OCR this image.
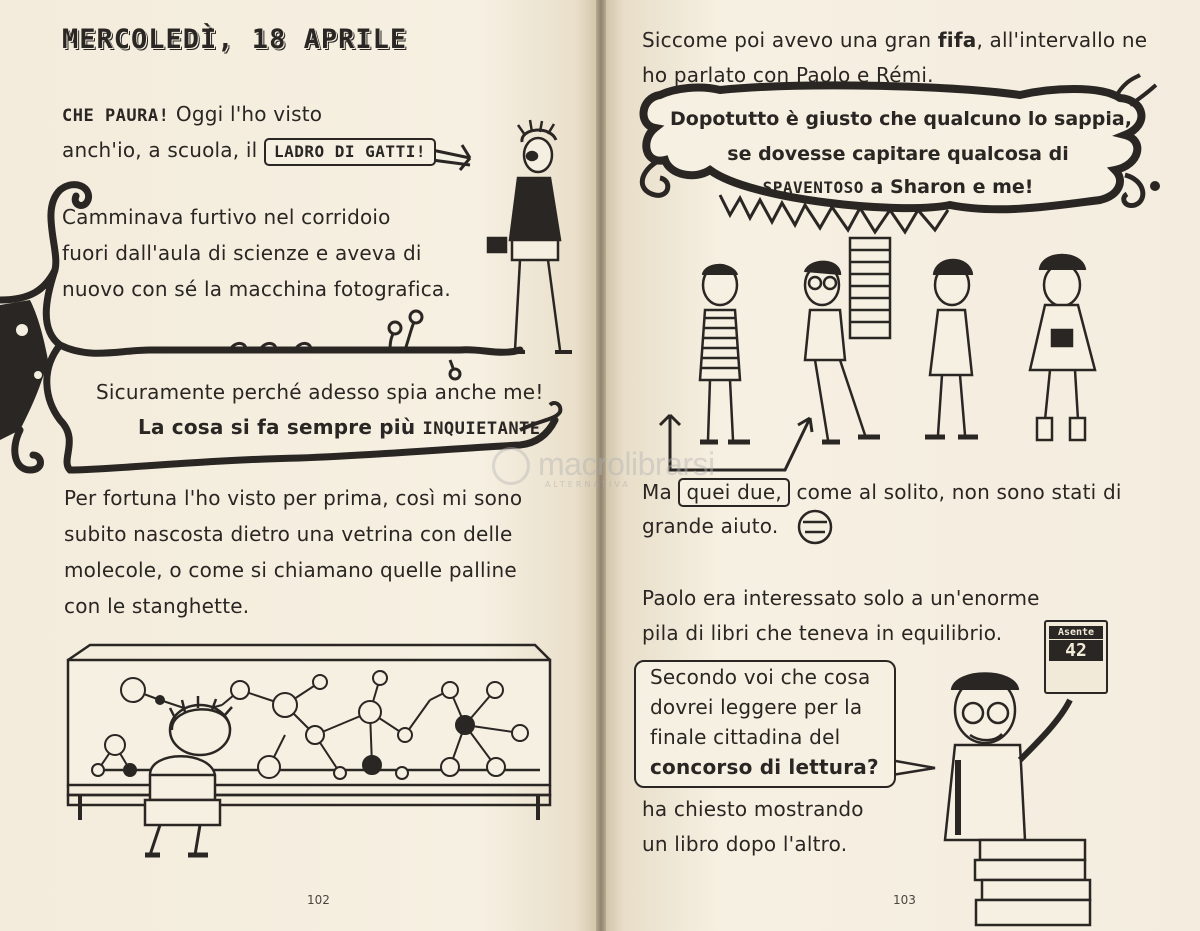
MERCOLEDÌ, 18 APRILE
CHE PAURA! Oggi l'ho visto
anch'io, a scuola, il LADRO DI GATTI!
Camminava furtivo nel corridoio
fuori dall'aula di scienze e aveva di
nuovo con sé la macchina fotografica.
Sicuramente perché adesso spia anche me!
La cosa si fa sempre più INQUIETANTE.
Per fortuna l'ho visto per prima, così mi sono
subito nascosta dietro una vetrina con delle
molecole, o come si chiamano quelle palline
con le stanghette.
102
Siccome poi avevo una gran fifa, all'intervallo ne
ho parlato con Paolo e Rémi.
Dopotutto è giusto che qualcuno lo sappia,
se dovesse capitare qualcosa di
SPAVENTOSO a Sharon e me!
Ma quei due, come al solito, non sono stati di
grande aiuto.
Paolo era interessato solo a un'enorme
pila di libri che teneva in equilibrio.	Asente
42
Secondo voi che cosa
dovrei leggere per la
finale cittadina del
concorso di lettura?
ha chiesto mostrando
un libro dopo l'altro.
103
macrolibrarsi
ALTERNATIVA
